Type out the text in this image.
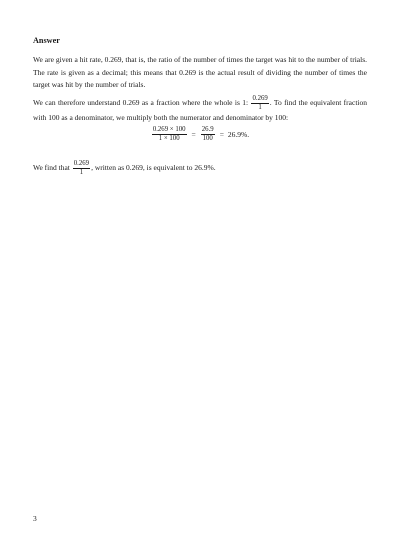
Answer

We are given a hit rate, 0.269, that is, the ratio of the number of times the target was hit to the number of trials. The rate is given as a decimal; this means that 0.269 is the actual result of dividing the number of times the target was hit by the number of trials.

We can therefore understand 0.269 as a fraction where the whole is 1: $\frac{0.269}{1}$ . To find the equivalent fraction with 100 as a denominator, we multiply both the numerator and denominator by 100:

$\frac{0.269 \times 100}{1 \times 100} = \frac{26.9}{100} = 26.9\%$.

We find that $\frac{0.269}{1}$ , written as 0.269, is equivalent to 26.9%.

3
